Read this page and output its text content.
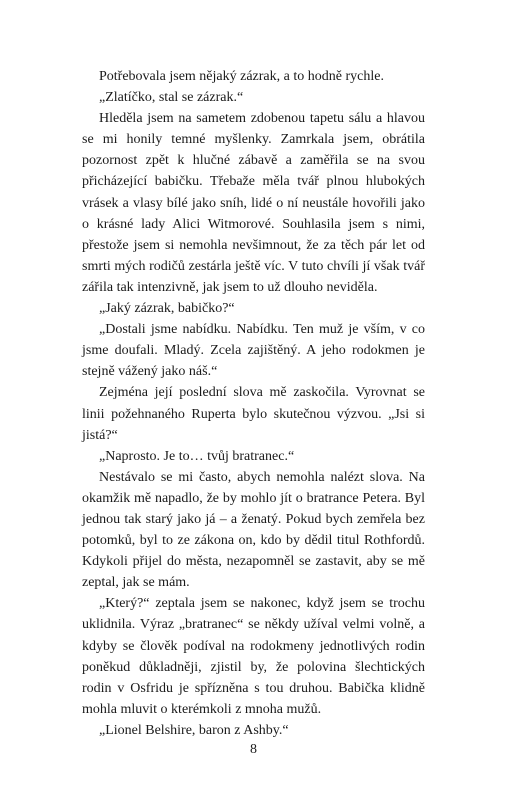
Potřebovala jsem nějaký zázrak, a to hodně rychle.

„Zlatíčko, stal se zázrak.“

Hleděla jsem na sametem zdobenou tapetu sálu a hlavou se mi honily temné myšlenky. Zamrkala jsem, obrátila pozornost zpět k hlučné zábavě a zaměřila se na svou přicházející babičku. Třebaže měla tvář plnou hlubokých vrásek a vlasy bílé jako sníh, lidé o ní neustále hovořili jako o krásné lady Alici Witmorové. Souhlasila jsem s nimi, přestože jsem si nemohla nevšimnout, že za těch pár let od smrti mých rodičů zestárla ještě víc. V tuto chvíli jí však tvář zářila tak intenzivně, jak jsem to už dlouho neviděla.

„Jaký zázrak, babičko?“

„Dostali jsme nabídku. Nabídku. Ten muž je vším, v co jsme doufali. Mladý. Zcela zajištěný. A jeho rodokmen je stejně vážený jako náš.“

Zejména její poslední slova mě zaskočila. Vyrovnat se linii požehnaného Ruperta bylo skutečnou výzvou. „Jsi si jistá?“

„Naprosto. Je to… tvůj bratranec.“

Nestávalo se mi často, abych nemohla nalézt slova. Na okamžik mě napadlo, že by mohlo jít o bratrance Petera. Byl jednou tak starý jako já – a ženatý. Pokud bych zemřela bez potomků, byl to ze zákona on, kdo by dědil titul Rothfordů. Kdykoli přijel do města, nezapomněl se zastavit, aby se mě zeptal, jak se mám.

„Který?“ zeptala jsem se nakonec, když jsem se trochu uklidnila. Výraz „bratranec“ se někdy užíval velmi volně, a kdyby se člověk podíval na rodokmeny jednotlivých rodin poněkud důkladněji, zjistil by, že polovina šlechtických rodin v Osfridu je spřízněna s tou druhou. Babička klidně mohla mluvit o kterémkoli z mnoha mužů.

„Lionel Belshire, baron z Ashby.“

8
